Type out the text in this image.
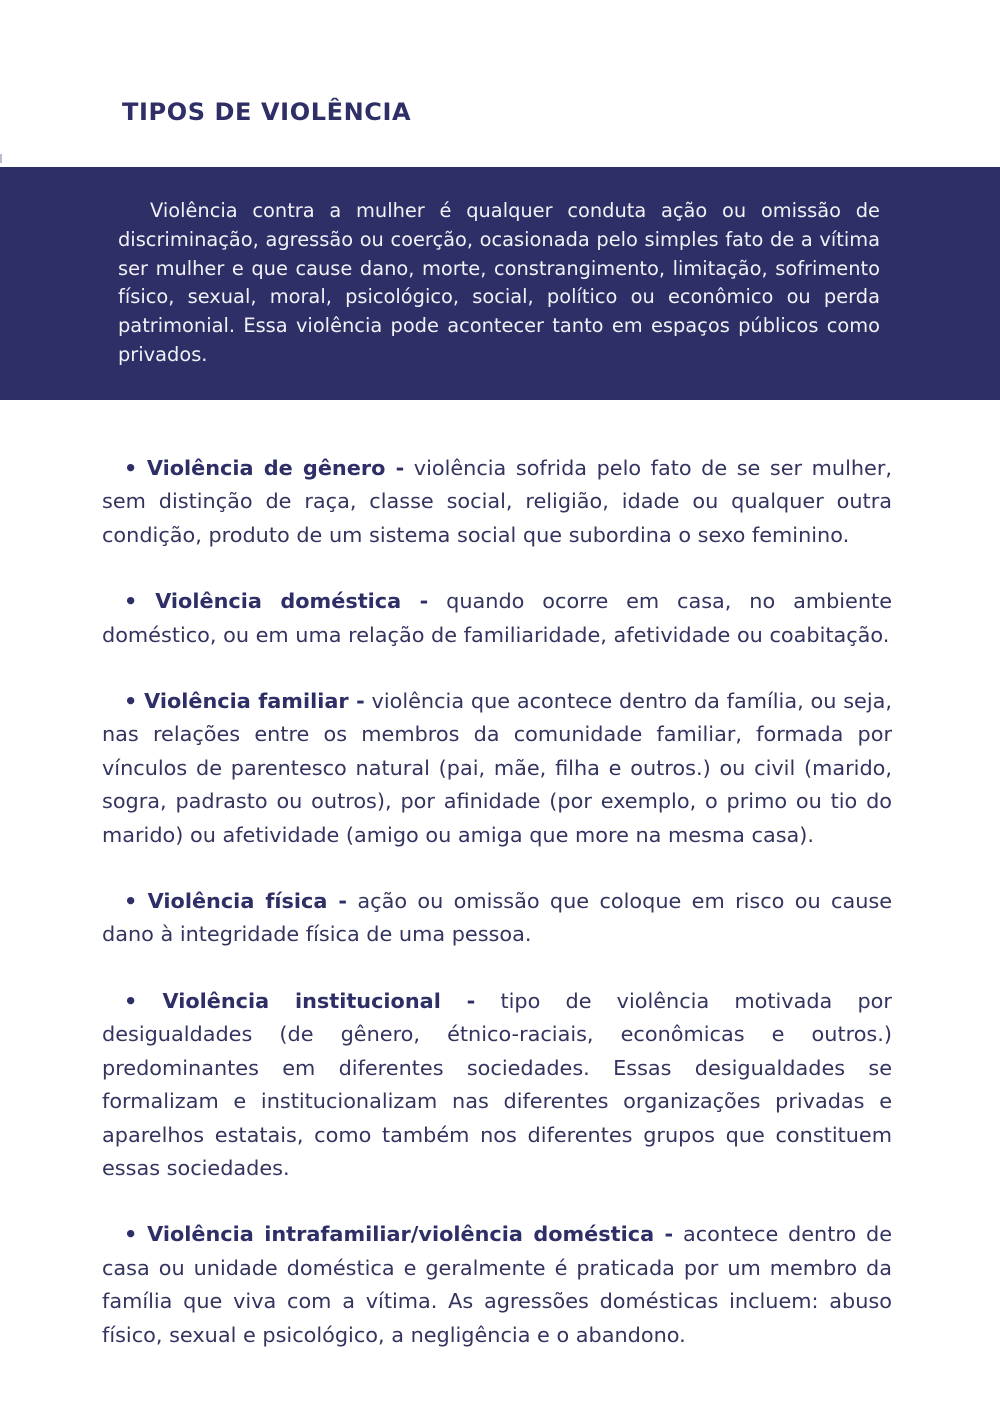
TIPOS DE VIOLÊNCIA

Violência contra a mulher é qualquer conduta ação ou omissão de discriminação, agressão ou coerção, ocasionada pelo simples fato de a vítima ser mulher e que cause dano, morte, constrangimento, limitação, sofrimento físico, sexual, moral, psicológico, social, político ou econômico ou perda patrimonial. Essa violência pode acontecer tanto em espaços públicos como privados.

• Violência de gênero - violência sofrida pelo fato de se ser mulher, sem distinção de raça, classe social, religião, idade ou qualquer outra condição, produto de um sistema social que subordina o sexo feminino.

• Violência doméstica - quando ocorre em casa, no ambiente doméstico, ou em uma relação de familiaridade, afetividade ou coabitação.

• Violência familiar - violência que acontece dentro da família, ou seja, nas relações entre os membros da comunidade familiar, formada por vínculos de parentesco natural (pai, mãe, filha e outros.) ou civil (marido, sogra, padrasto ou outros), por afinidade (por exemplo, o primo ou tio do marido) ou afetividade (amigo ou amiga que more na mesma casa).

• Violência física - ação ou omissão que coloque em risco ou cause dano à integridade física de uma pessoa.

• Violência institucional - tipo de violência motivada por desigualdades (de gênero, étnico-raciais, econômicas e outros.) predominantes em diferentes sociedades. Essas desigualdades se formalizam e institucionalizam nas diferentes organizações privadas e aparelhos estatais, como também nos diferentes grupos que constituem essas sociedades.

• Violência intrafamiliar/violência doméstica - acontece dentro de casa ou unidade doméstica e geralmente é praticada por um membro da família que viva com a vítima. As agressões domésticas incluem: abuso físico, sexual e psicológico, a negligência e o abandono.
